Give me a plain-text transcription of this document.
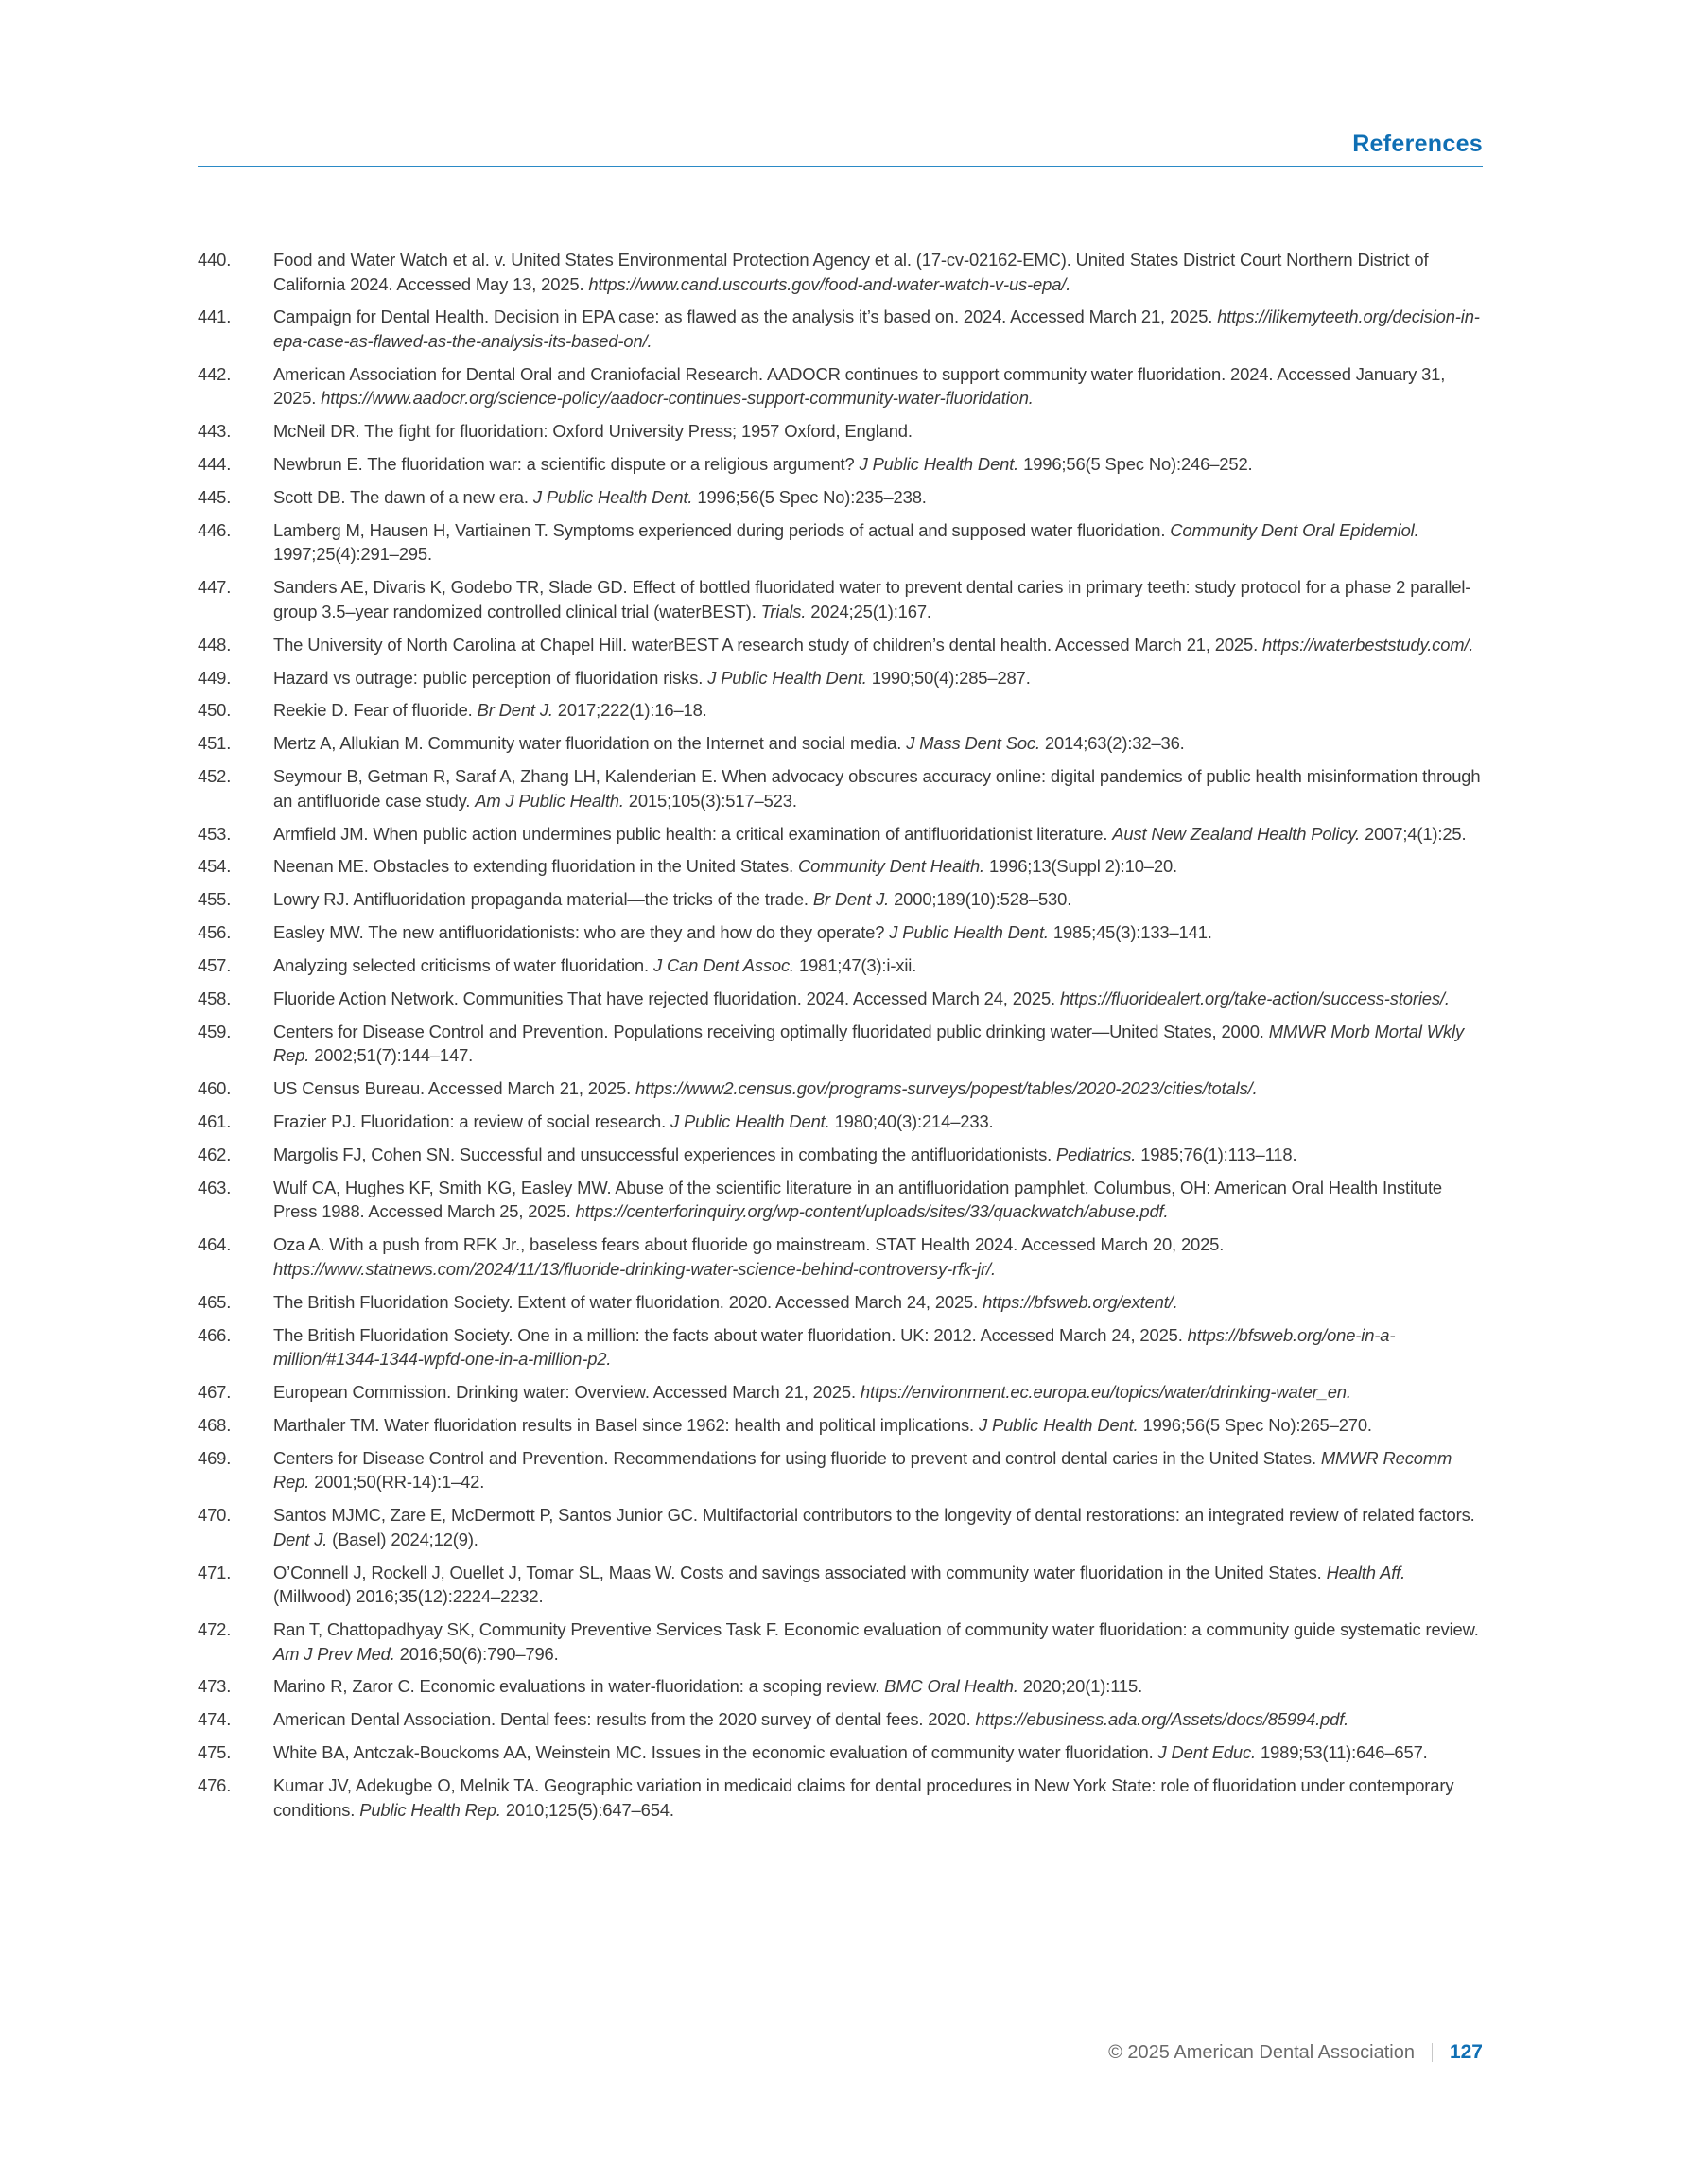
References
440.	Food and Water Watch et al. v. United States Environmental Protection Agency et al. (17-cv-02162-EMC). United States District Court Northern District of California 2024. Accessed May 13, 2025. https://www.cand.uscourts.gov/food-and-water-watch-v-us-epa/.
441.	Campaign for Dental Health. Decision in EPA case: as flawed as the analysis it’s based on. 2024. Accessed March 21, 2025. https://ilikemyteeth.org/decision-in-epa-case-as-flawed-as-the-analysis-its-based-on/.
442.	American Association for Dental Oral and Craniofacial Research. AADOCR continues to support community water fluoridation. 2024. Accessed January 31, 2025. https://www.aadocr.org/science-policy/aadocr-continues-support-community-water-fluoridation.
443.	McNeil DR. The fight for fluoridation: Oxford University Press; 1957 Oxford, England.
444.	Newbrun E. The fluoridation war: a scientific dispute or a religious argument? J Public Health Dent. 1996;56(5 Spec No):246–252.
445.	Scott DB. The dawn of a new era. J Public Health Dent. 1996;56(5 Spec No):235–238.
446.	Lamberg M, Hausen H, Vartiainen T. Symptoms experienced during periods of actual and supposed water fluoridation. Community Dent Oral Epidemiol. 1997;25(4):291–295.
447.	Sanders AE, Divaris K, Godebo TR, Slade GD. Effect of bottled fluoridated water to prevent dental caries in primary teeth: study protocol for a phase 2 parallel-group 3.5–year randomized controlled clinical trial (waterBEST). Trials. 2024;25(1):167.
448.	The University of North Carolina at Chapel Hill. waterBEST A research study of children’s dental health. Accessed March 21, 2025. https://waterbeststudy.com/.
449.	Hazard vs outrage: public perception of fluoridation risks. J Public Health Dent. 1990;50(4):285–287.
450.	Reekie D. Fear of fluoride. Br Dent J. 2017;222(1):16–18.
451.	Mertz A, Allukian M. Community water fluoridation on the Internet and social media. J Mass Dent Soc. 2014;63(2):32–36.
452.	Seymour B, Getman R, Saraf A, Zhang LH, Kalenderian E. When advocacy obscures accuracy online: digital pandemics of public health misinformation through an antifluoride case study. Am J Public Health. 2015;105(3):517–523.
453.	Armfield JM. When public action undermines public health: a critical examination of antifluoridationist literature. Aust New Zealand Health Policy. 2007;4(1):25.
454.	Neenan ME. Obstacles to extending fluoridation in the United States. Community Dent Health. 1996;13(Suppl 2):10–20.
455.	Lowry RJ. Antifluoridation propaganda material—the tricks of the trade. Br Dent J. 2000;189(10):528–530.
456.	Easley MW. The new antifluoridationists: who are they and how do they operate? J Public Health Dent. 1985;45(3):133–141.
457.	Analyzing selected criticisms of water fluoridation. J Can Dent Assoc. 1981;47(3):i-xii.
458.	Fluoride Action Network. Communities That have rejected fluoridation. 2024. Accessed March 24, 2025. https://fluoridealert.org/take-action/success-stories/.
459.	Centers for Disease Control and Prevention. Populations receiving optimally fluoridated public drinking water—United States, 2000. MMWR Morb Mortal Wkly Rep. 2002;51(7):144–147.
460.	US Census Bureau. Accessed March 21, 2025. https://www2.census.gov/programs-surveys/popest/tables/2020-2023/cities/totals/.
461.	Frazier PJ. Fluoridation: a review of social research. J Public Health Dent. 1980;40(3):214–233.
462.	Margolis FJ, Cohen SN. Successful and unsuccessful experiences in combating the antifluoridationists. Pediatrics. 1985;76(1):113–118.
463.	Wulf CA, Hughes KF, Smith KG, Easley MW. Abuse of the scientific literature in an antifluoridation pamphlet. Columbus, OH: American Oral Health Institute Press 1988. Accessed March 25, 2025. https://centerforinquiry.org/wp-content/uploads/sites/33/quackwatch/abuse.pdf.
464.	Oza A. With a push from RFK Jr., baseless fears about fluoride go mainstream. STAT Health 2024. Accessed March 20, 2025. https://www.statnews.com/2024/11/13/fluoride-drinking-water-science-behind-controversy-rfk-jr/.
465.	The British Fluoridation Society. Extent of water fluoridation. 2020. Accessed March 24, 2025. https://bfsweb.org/extent/.
466.	The British Fluoridation Society. One in a million: the facts about water fluoridation. UK: 2012. Accessed March 24, 2025. https://bfsweb.org/one-in-a-million/#1344-1344-wpfd-one-in-a-million-p2.
467.	European Commission. Drinking water: Overview. Accessed March 21, 2025. https://environment.ec.europa.eu/topics/water/drinking-water_en.
468.	Marthaler TM. Water fluoridation results in Basel since 1962: health and political implications. J Public Health Dent. 1996;56(5 Spec No):265–270.
469.	Centers for Disease Control and Prevention. Recommendations for using fluoride to prevent and control dental caries in the United States. MMWR Recomm Rep. 2001;50(RR-14):1–42.
470.	Santos MJMC, Zare E, McDermott P, Santos Junior GC. Multifactorial contributors to the longevity of dental restorations: an integrated review of related factors. Dent J. (Basel) 2024;12(9).
471.	O’Connell J, Rockell J, Ouellet J, Tomar SL, Maas W. Costs and savings associated with community water fluoridation in the United States. Health Aff. (Millwood) 2016;35(12):2224–2232.
472.	Ran T, Chattopadhyay SK, Community Preventive Services Task F. Economic evaluation of community water fluoridation: a community guide systematic review. Am J Prev Med. 2016;50(6):790–796.
473.	Marino R, Zaror C. Economic evaluations in water-fluoridation: a scoping review. BMC Oral Health. 2020;20(1):115.
474.	American Dental Association. Dental fees: results from the 2020 survey of dental fees. 2020. https://ebusiness.ada.org/Assets/docs/85994.pdf.
475.	White BA, Antczak-Bouckoms AA, Weinstein MC. Issues in the economic evaluation of community water fluoridation. J Dent Educ. 1989;53(11):646–657.
476.	Kumar JV, Adekugbe O, Melnik TA. Geographic variation in medicaid claims for dental procedures in New York State: role of fluoridation under contemporary conditions. Public Health Rep. 2010;125(5):647–654.
© 2025 American Dental Association 127
